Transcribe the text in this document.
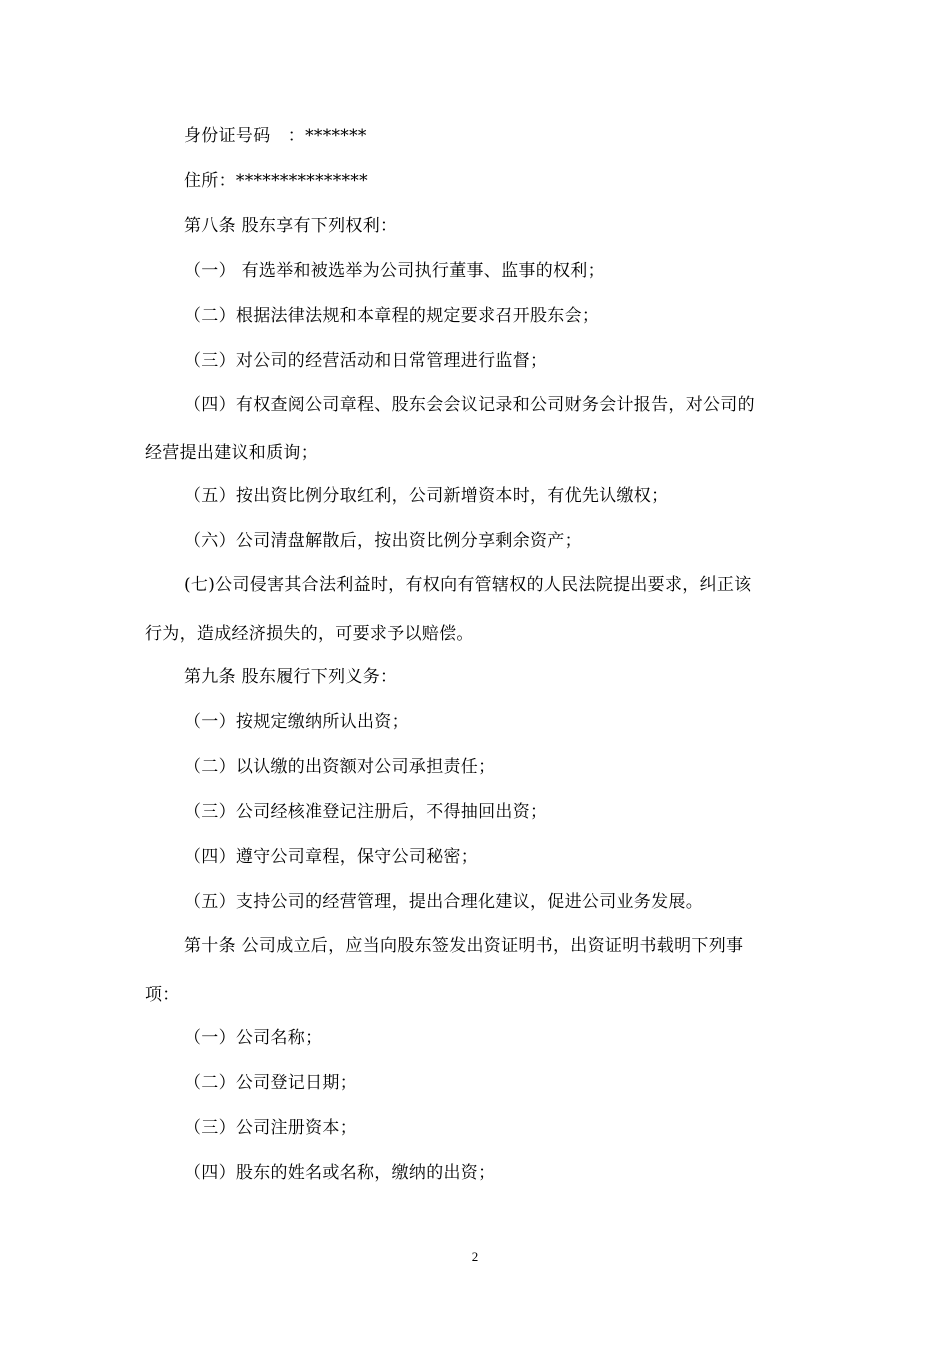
身份证号码　：*******
住所：***************
第八条 股东享有下列权利：
（一） 有选举和被选举为公司执行董事、监事的权利；
（二）根据法律法规和本章程的规定要求召开股东会；
（三）对公司的经营活动和日常管理进行监督；
（四）有权查阅公司章程、股东会会议记录和公司财务会计报告，对公司的
经营提出建议和质询；
（五）按出资比例分取红利，公司新增资本时，有优先认缴权；
（六）公司清盘解散后，按出资比例分享剩余资产；
(七)公司侵害其合法利益时，有权向有管辖权的人民法院提出要求，纠正该
行为，造成经济损失的，可要求予以赔偿。
第九条 股东履行下列义务：
（一）按规定缴纳所认出资；
（二）以认缴的出资额对公司承担责任；
（三）公司经核准登记注册后，不得抽回出资；
（四）遵守公司章程，保守公司秘密；
（五）支持公司的经营管理，提出合理化建议，促进公司业务发展。
第十条 公司成立后，应当向股东签发出资证明书，出资证明书载明下列事
项：
（一）公司名称；
（二）公司登记日期；
（三）公司注册资本；
（四）股东的姓名或名称，缴纳的出资；
2
